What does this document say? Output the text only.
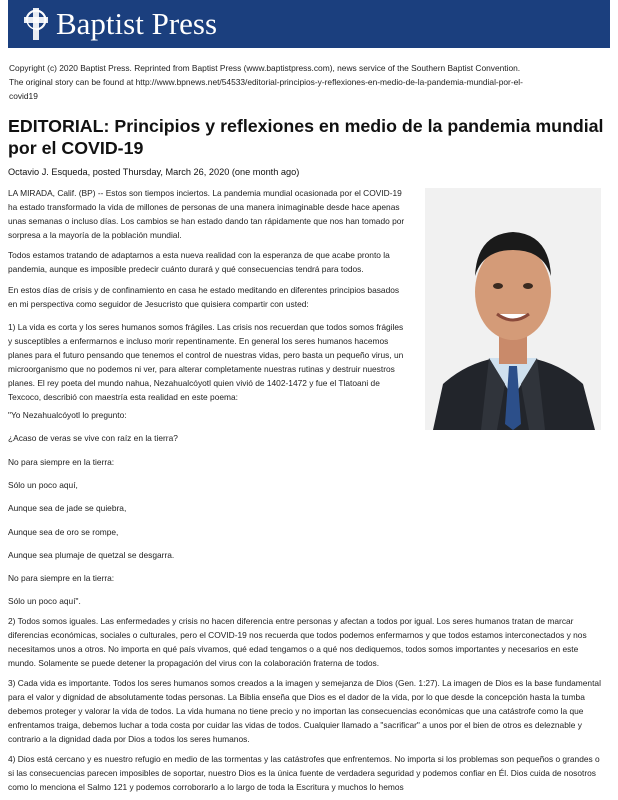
Baptist Press
Copyright (c) 2020 Baptist Press. Reprinted from Baptist Press (www.baptistpress.com), news service of the Southern Baptist Convention.
The original story can be found at http://www.bpnews.net/54533/editorial-principios-y-reflexiones-en-medio-de-la-pandemia-mundial-por-el-
covid19
EDITORIAL: Principios y reflexiones en medio de la pandemia mundial por el COVID-19
Octavio J. Esqueda, posted Thursday, March 26, 2020 (one month ago)

LA MIRADA, Calif. (BP) -- Estos son tiempos inciertos. La pandemia mundial ocasionada por el COVID-19 ha estado transformado la vida de millones de personas de una manera inimaginable desde hace apenas unas semanas o incluso días. Los cambios se han estado dando tan rápidamente que nos han tomado por sorpresa a la mayoría de la población mundial.

Todos estamos tratando de adaptarnos a esta nueva realidad con la esperanza de que acabe pronto la pandemia, aunque es imposible predecir cuánto durará y qué consecuencias tendrá para todos.

En estos días de crisis y de confinamiento en casa he estado meditando en diferentes principios basados en mi perspectiva como seguidor de Jesucristo que quisiera compartir con usted:

1) La vida es corta y los seres humanos somos frágiles. Las crisis nos recuerdan que todos somos frágiles y susceptibles a enfermarnos e incluso morir repentinamente. En general los seres humanos hacemos planes para el futuro pensando que tenemos el control de nuestras vidas, pero basta un pequeño virus, un microorganismo que no podemos ni ver, para alterar completamente nuestras rutinas y destruir nuestros planes. El rey poeta del mundo nahua, Nezahualcóyotl quien vivió de 1402-1472 y fue el Tlatoani de Texcoco, describió con maestría esta realidad en este poema:

"Yo Nezahualcóyotl lo pregunto:

¿Acaso de veras se vive con raíz en la tierra?

No para siempre en la tierra:

Sólo un poco aquí,

Aunque sea de jade se quiebra,

Aunque sea de oro se rompe,

Aunque sea plumaje de quetzal se desgarra.

No para siempre en la tierra:

Sólo un poco aquí".

2) Todos somos iguales. Las enfermedades y crisis no hacen diferencia entre personas y afectan a todos por igual. Los seres humanos tratan de marcar diferencias económicas, sociales o culturales, pero el COVID-19 nos recuerda que todos podemos enfermarnos y que todos estamos interconectados y nos necesitamos unos a otros. No importa en qué país vivamos, qué edad tengamos o a qué nos dediquemos, todos somos importantes y necesarios en este mundo. Solamente se puede detener la propagación del virus con la colaboración fraterna de todos.

3) Cada vida es importante. Todos los seres humanos somos creados a la imagen y semejanza de Dios (Gen. 1:27). La imagen de Dios es la base fundamental para el valor y dignidad de absolutamente todas personas. La Biblia enseña que Dios es el dador de la vida, por lo que desde la concepción hasta la tumba debemos proteger y valorar la vida de todos. La vida humana no tiene precio y no importan las consecuencias económicas que una catástrofe como la que enfrentamos traiga, debemos luchar a toda costa por cuidar las vidas de todos. Cualquier llamado a "sacrificar" a unos por el bien de otros es deleznable y contrario a la dignidad dada por Dios a todos los seres humanos.

4) Dios está cercano y es nuestro refugio en medio de las tormentas y las catástrofes que enfrentemos. No importa si los problemas son pequeños o grandes o si las consecuencias parecen imposibles de soportar, nuestro Dios es la única fuente de verdadera seguridad y podemos confiar en Él. Dios cuida de nosotros como lo menciona el Salmo 121 y podemos corroborarlo a lo largo de toda la Escritura y muchos lo hemos
